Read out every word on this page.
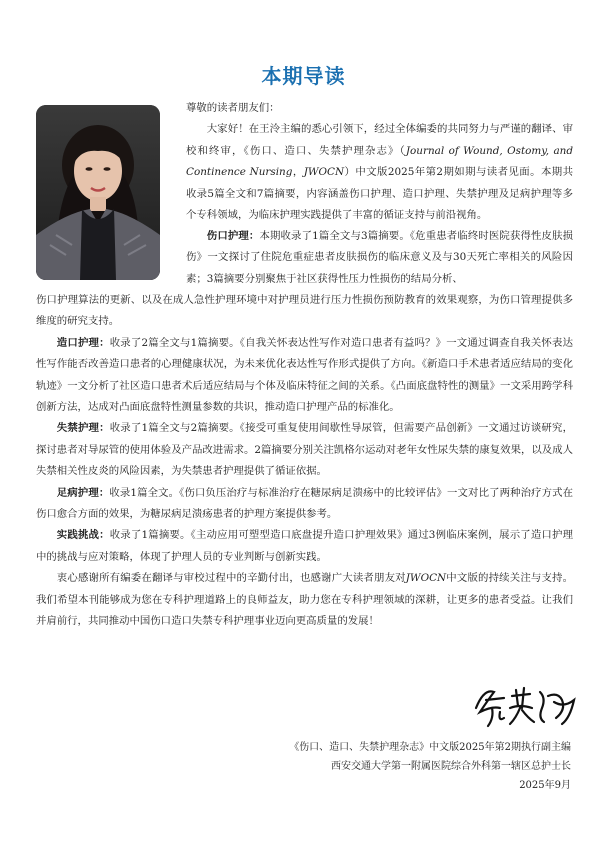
本期导读

尊敬的读者朋友们：

大家好！在王泠主编的悉心引领下，经过全体编委的共同努力与严谨的翻译、审校和终审，《伤口、造口、失禁护理杂志》（Journal of Wound, Ostomy, and Continence Nursing，JWOCN）中文版2025年第2期如期与读者见面。本期共收录5篇全文和7篇摘要，内容涵盖伤口护理、造口护理、失禁护理及足病护理等多个专科领域，为临床护理实践提供了丰富的循证支持与前沿视角。

伤口护理：本期收录了1篇全文与3篇摘要。《危重患者临终时医院获得性皮肤损伤》一文探讨了住院危重症患者皮肤损伤的临床意义及与30天死亡率相关的风险因素；3篇摘要分别聚焦于社区获得性压力性损伤的结局分析、

伤口护理算法的更新、以及在成人急性护理环境中对护理员进行压力性损伤预防教育的效果观察，为伤口管理提供多维度的研究支持。

造口护理：收录了2篇全文与1篇摘要。《自我关怀表达性写作对造口患者有益吗？》一文通过调查自我关怀表达性写作能否改善造口患者的心理健康状况，为未来优化表达性写作形式提供了方向。《新造口手术患者适应结局的变化轨迹》一文分析了社区造口患者术后适应结局与个体及临床特征之间的关系。《凸面底盘特性的测量》一文采用跨学科创新方法，达成对凸面底盘特性测量参数的共识，推动造口护理产品的标准化。

失禁护理：收录了1篇全文与2篇摘要。《接受可重复使用间歇性导尿管，但需要产品创新》一文通过访谈研究，探讨患者对导尿管的使用体验及产品改进需求。2篇摘要分别关注凯格尔运动对老年女性尿失禁的康复效果，以及成人失禁相关性皮炎的风险因素，为失禁患者护理提供了循证依据。

足病护理：收录1篇全文。《伤口负压治疗与标准治疗在糖尿病足溃疡中的比较评估》一文对比了两种治疗方式在伤口愈合方面的效果，为糖尿病足溃疡患者的护理方案提供参考。

实践挑战：收录了1篇摘要。《主动应用可塑型造口底盘提升造口护理效果》通过3例临床案例，展示了造口护理中的挑战与应对策略，体现了护理人员的专业判断与创新实践。

衷心感谢所有编委在翻译与审校过程中的辛勤付出，也感谢广大读者朋友对JWOCN中文版的持续关注与支持。我们希望本刊能够成为您在专科护理道路上的良师益友，助力您在专科护理领域的深耕，让更多的患者受益。让我们并肩前行，共同推动中国伤口造口失禁专科护理事业迈向更高质量的发展！

《伤口、造口、失禁护理杂志》中文版2025年第2期执行副主编
西安交通大学第一附属医院综合外科第一辖区总护士长
2025年9月
